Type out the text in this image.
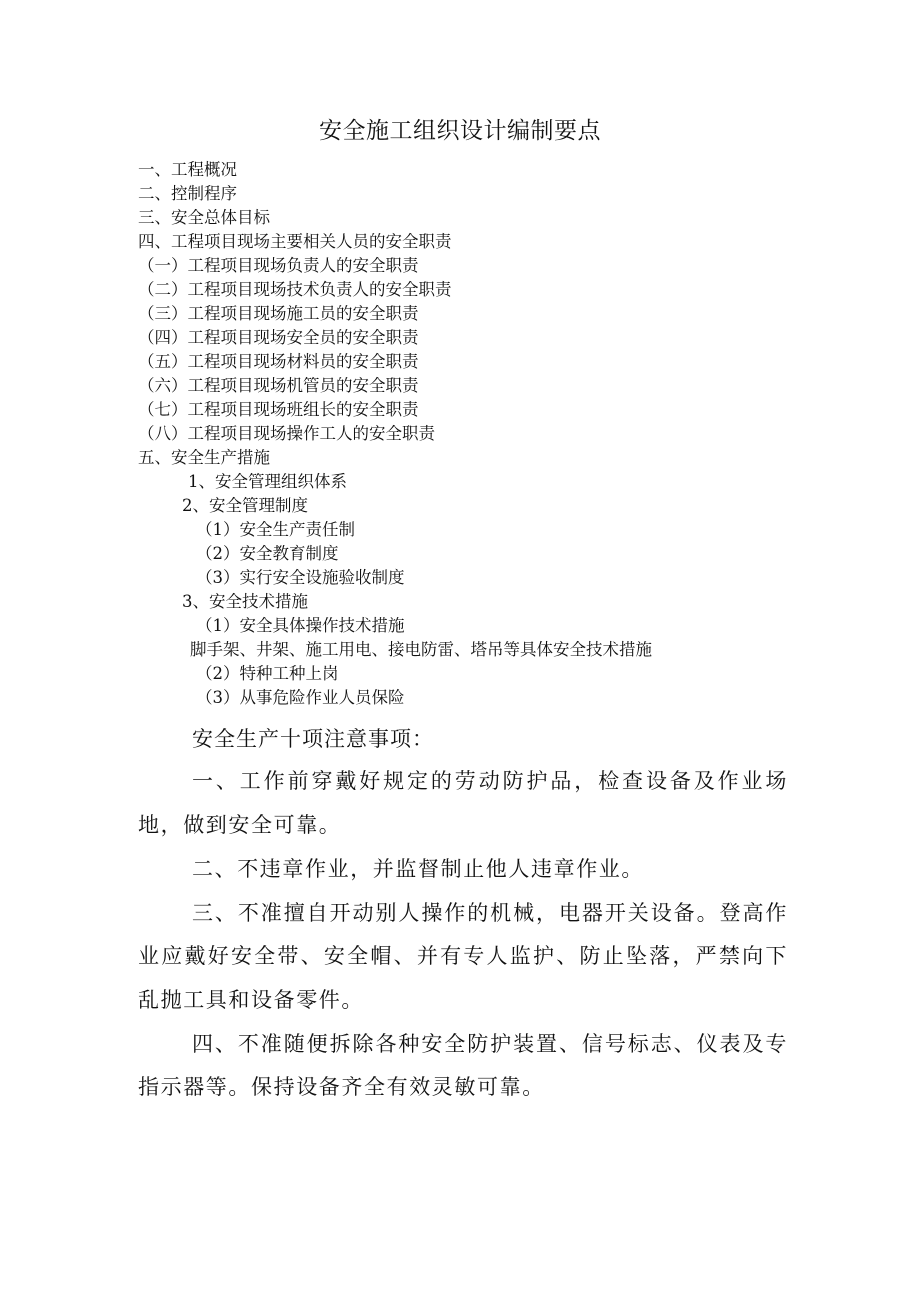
安全施工组织设计编制要点
一、工程概况
二、控制程序
三、安全总体目标
四、工程项目现场主要相关人员的安全职责
（一）工程项目现场负责人的安全职责
（二）工程项目现场技术负责人的安全职责
（三）工程项目现场施工员的安全职责
（四）工程项目现场安全员的安全职责
（五）工程项目现场材料员的安全职责
（六）工程项目现场机管员的安全职责
（七）工程项目现场班组长的安全职责
（八）工程项目现场操作工人的安全职责
五、安全生产措施
1、安全管理组织体系
2、安全管理制度
（1）安全生产责任制
（2）安全教育制度
（3）实行安全设施验收制度
3、安全技术措施
（1）安全具体操作技术措施
脚手架、井架、施工用电、接电防雷、塔吊等具体安全技术措施
（2）特种工种上岗
（3）从事危险作业人员保险
安全生产十项注意事项：

一、工作前穿戴好规定的劳动防护品，检查设备及作业场地，做到安全可靠。

二、不违章作业，并监督制止他人违章作业。

三、不准擅自开动别人操作的机械，电器开关设备。登高作业应戴好安全带、安全帽、并有专人监护、防止坠落，严禁向下乱抛工具和设备零件。

四、不准随便拆除各种安全防护装置、信号标志、仪表及专指示器等。保持设备齐全有效灵敏可靠。
